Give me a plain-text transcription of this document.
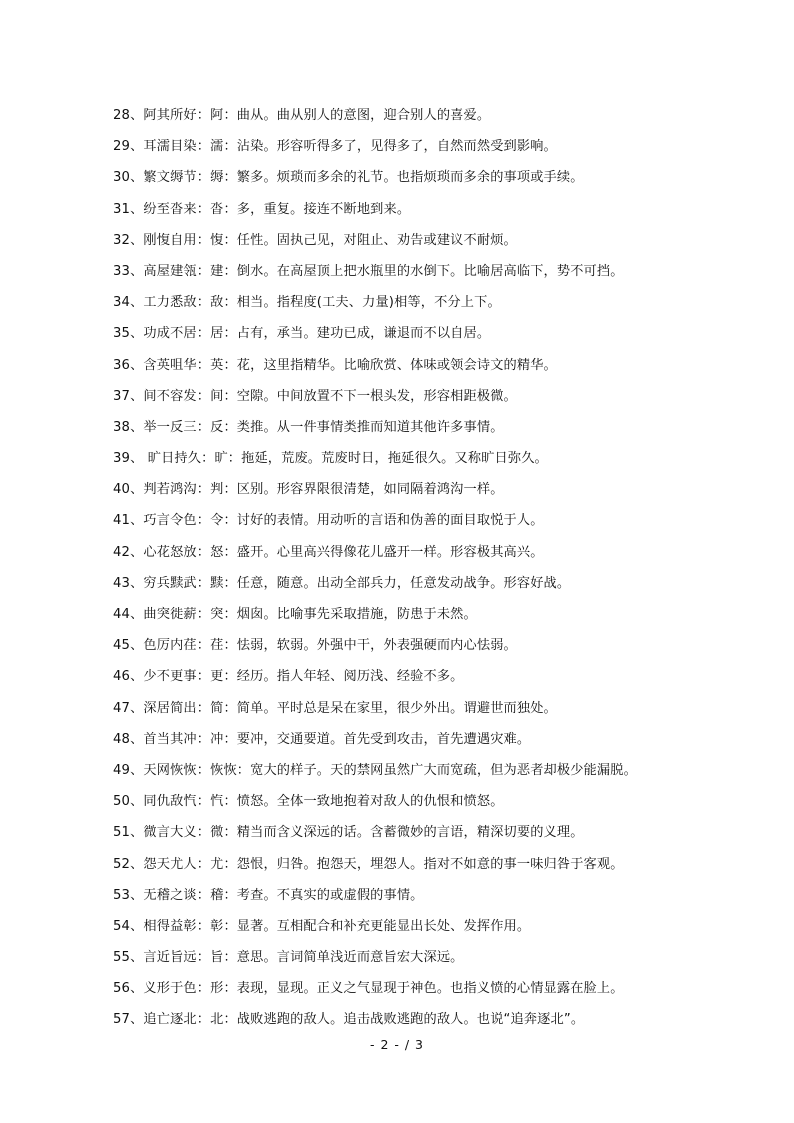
28、阿其所好：阿：曲从。曲从别人的意图，迎合别人的喜爱。
29、耳濡目染：濡：沾染。形容听得多了，见得多了，自然而然受到影响。
30、繁文缛节：缛：繁多。烦琐而多余的礼节。也指烦琐而多余的事项或手续。
31、纷至沓来：沓：多，重复。接连不断地到来。
32、刚愎自用：愎：任性。固执己见，对阻止、劝告或建议不耐烦。
33、高屋建瓴：建：倒水。在高屋顶上把水瓶里的水倒下。比喻居高临下，势不可挡。
34、工力悉敌：敌：相当。指程度(工夫、力量)相等，不分上下。
35、功成不居：居：占有，承当。建功已成，谦退而不以自居。
36、含英咀华：英：花，这里指精华。比喻欣赏、体味或领会诗文的精华。
37、间不容发：间：空隙。中间放置不下一根头发，形容相距极微。
38、举一反三：反：类推。从一件事情类推而知道其他许多事情。
39、 旷日持久：旷：拖延，荒废。荒废时日，拖延很久。又称旷日弥久。
40、判若鸿沟：判：区别。形容界限很清楚，如同隔着鸿沟一样。
41、巧言令色：令：讨好的表情。用动听的言语和伪善的面目取悦于人。
42、心花怒放：怒：盛开。心里高兴得像花儿盛开一样。形容极其高兴。
43、穷兵黩武：黩：任意，随意。出动全部兵力，任意发动战争。形容好战。
44、曲突徙薪：突：烟囱。比喻事先采取措施，防患于未然。
45、色厉内荏：荏：怯弱，软弱。外强中干，外表强硬而内心怯弱。
46、少不更事：更：经历。指人年轻、阅历浅、经验不多。
47、深居简出：简：简单。平时总是呆在家里，很少外出。谓避世而独处。
48、首当其冲：冲：要冲，交通要道。首先受到攻击，首先遭遇灾难。
49、天网恢恢：恢恢：宽大的样子。天的禁网虽然广大而宽疏，但为恶者却极少能漏脱。
50、同仇敌忾：忾：愤怒。全体一致地抱着对敌人的仇恨和愤怒。
51、微言大义：微：精当而含义深远的话。含蓄微妙的言语，精深切要的义理。
52、怨天尤人：尤：怨恨，归咎。抱怨天，埋怨人。指对不如意的事一味归咎于客观。
53、无稽之谈：稽：考查。不真实的或虚假的事情。
54、相得益彰：彰：显著。互相配合和补充更能显出长处、发挥作用。
55、言近旨远：旨：意思。言词简单浅近而意旨宏大深远。
56、义形于色：形：表现，显现。正义之气显现于神色。也指义愤的心情显露在脸上。
57、追亡逐北：北：战败逃跑的敌人。追击战败逃跑的敌人。也说“追奔逐北”。
- 2 - / 3
